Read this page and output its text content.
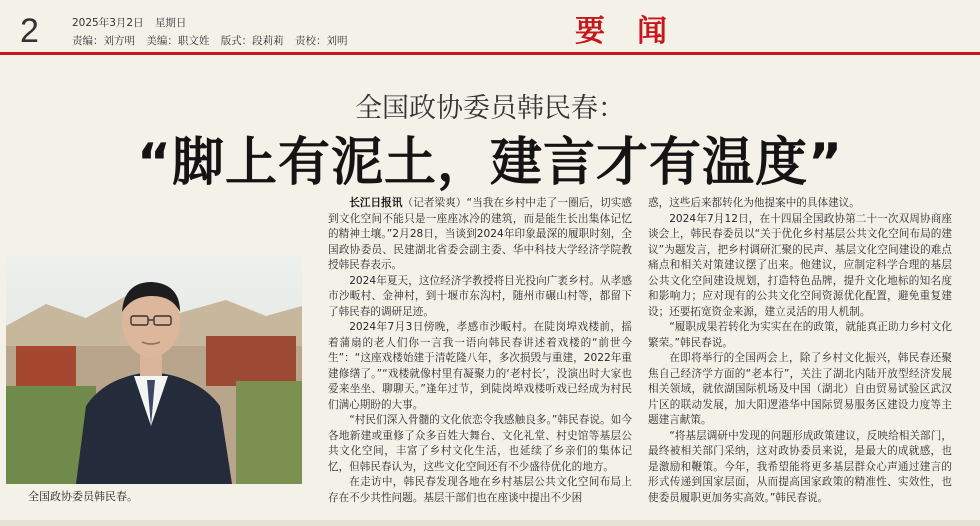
2	2025年3月2日 星期日
责编：刘方明 美编：职文姓 版式：段莉莉 责校：刘明	要闻
全国政协委员韩民春：
“脚上有泥土，建言才有温度”
全国政协委员韩民春。

长江日报讯（记者梁爽）“当我在乡村中走了一圈后，切实感到文化空间不能只是一座座冰冷的建筑，而是能生长出集体记忆的精神土壤。”2月28日，当谈到2024年印象最深的履职时刻，全国政协委员、民建湖北省委会副主委、华中科技大学经济学院教授韩民春表示。

2024年夏天，这位经济学教授将目光投向广袤乡村。从孝感市沙畈村、金神村，到十堰市东沟村，随州市碾山村等，都留下了韩民春的调研足迹。

2024年7月3日傍晚，孝感市沙畈村。在陡岗埠戏楼前，摇着蒲扇的老人们你一言我一语向韩民春讲述着戏楼的“前世今生”：“这座戏楼始建于清乾隆八年，多次损毁与重建，2022年重建修缮了。”“戏楼就像村里有凝聚力的‘老村长’，没演出时大家也爱来坐坐、聊聊天。”逢年过节，到陡岗埠戏楼听戏已经成为村民们满心期盼的大事。

“村民们深入骨髓的文化依恋令我感触良多。”韩民春说。如今各地新建或重修了众多百姓大舞台、文化礼堂、村史馆等基层公共文化空间，丰富了乡村文化生活，也延续了乡亲们的集体记忆，但韩民春认为，这些文化空间还有不少盛待优化的地方。

在走访中，韩民春发现各地在乡村基层公共文化空间布局上存在不少共性问题。基层干部们也在座谈中提出不少困

惑，这些后来都转化为他提案中的具体建议。

2024年7月12日，在十四届全国政协第二十一次双周协商座谈会上，韩民春委员以“关于优化乡村基层公共文化空间布局的建议”为题发言，把乡村调研汇聚的民声、基层文化空间建设的难点痛点和相关对策建议摆了出来。他建议，应制定科学合理的基层公共文化空间建设规划，打造特色品牌，提升文化地标的知名度和影响力；应对现有的公共文化空间资源优化配置，避免重复建设；还要拓宽资金来源，建立灵活的用人机制。

“履职成果若转化为实实在在的政策，就能真正助力乡村文化繁荣。”韩民春说。

在即将举行的全国两会上，除了乡村文化振兴，韩民春还聚焦自己经济学方面的“老本行”，关注了湖北内陆开放型经济发展相关领域，就依湖国际机场及中国（湖北）自由贸易试验区武汉片区的联动发展，加大阳逻港华中国际贸易服务区建设力度等主题建言献策。

“将基层调研中发现的问题形成政策建议，反映给相关部门，最终被相关部门采纳，这对政协委员来说，是最大的成就感，也是激励和鞭策。今年，我希望能将更多基层群众心声通过建言的形式传递到国家层面，从而提高国家政策的精准性、实效性，也使委员履职更加务实高效。”韩民春说。
